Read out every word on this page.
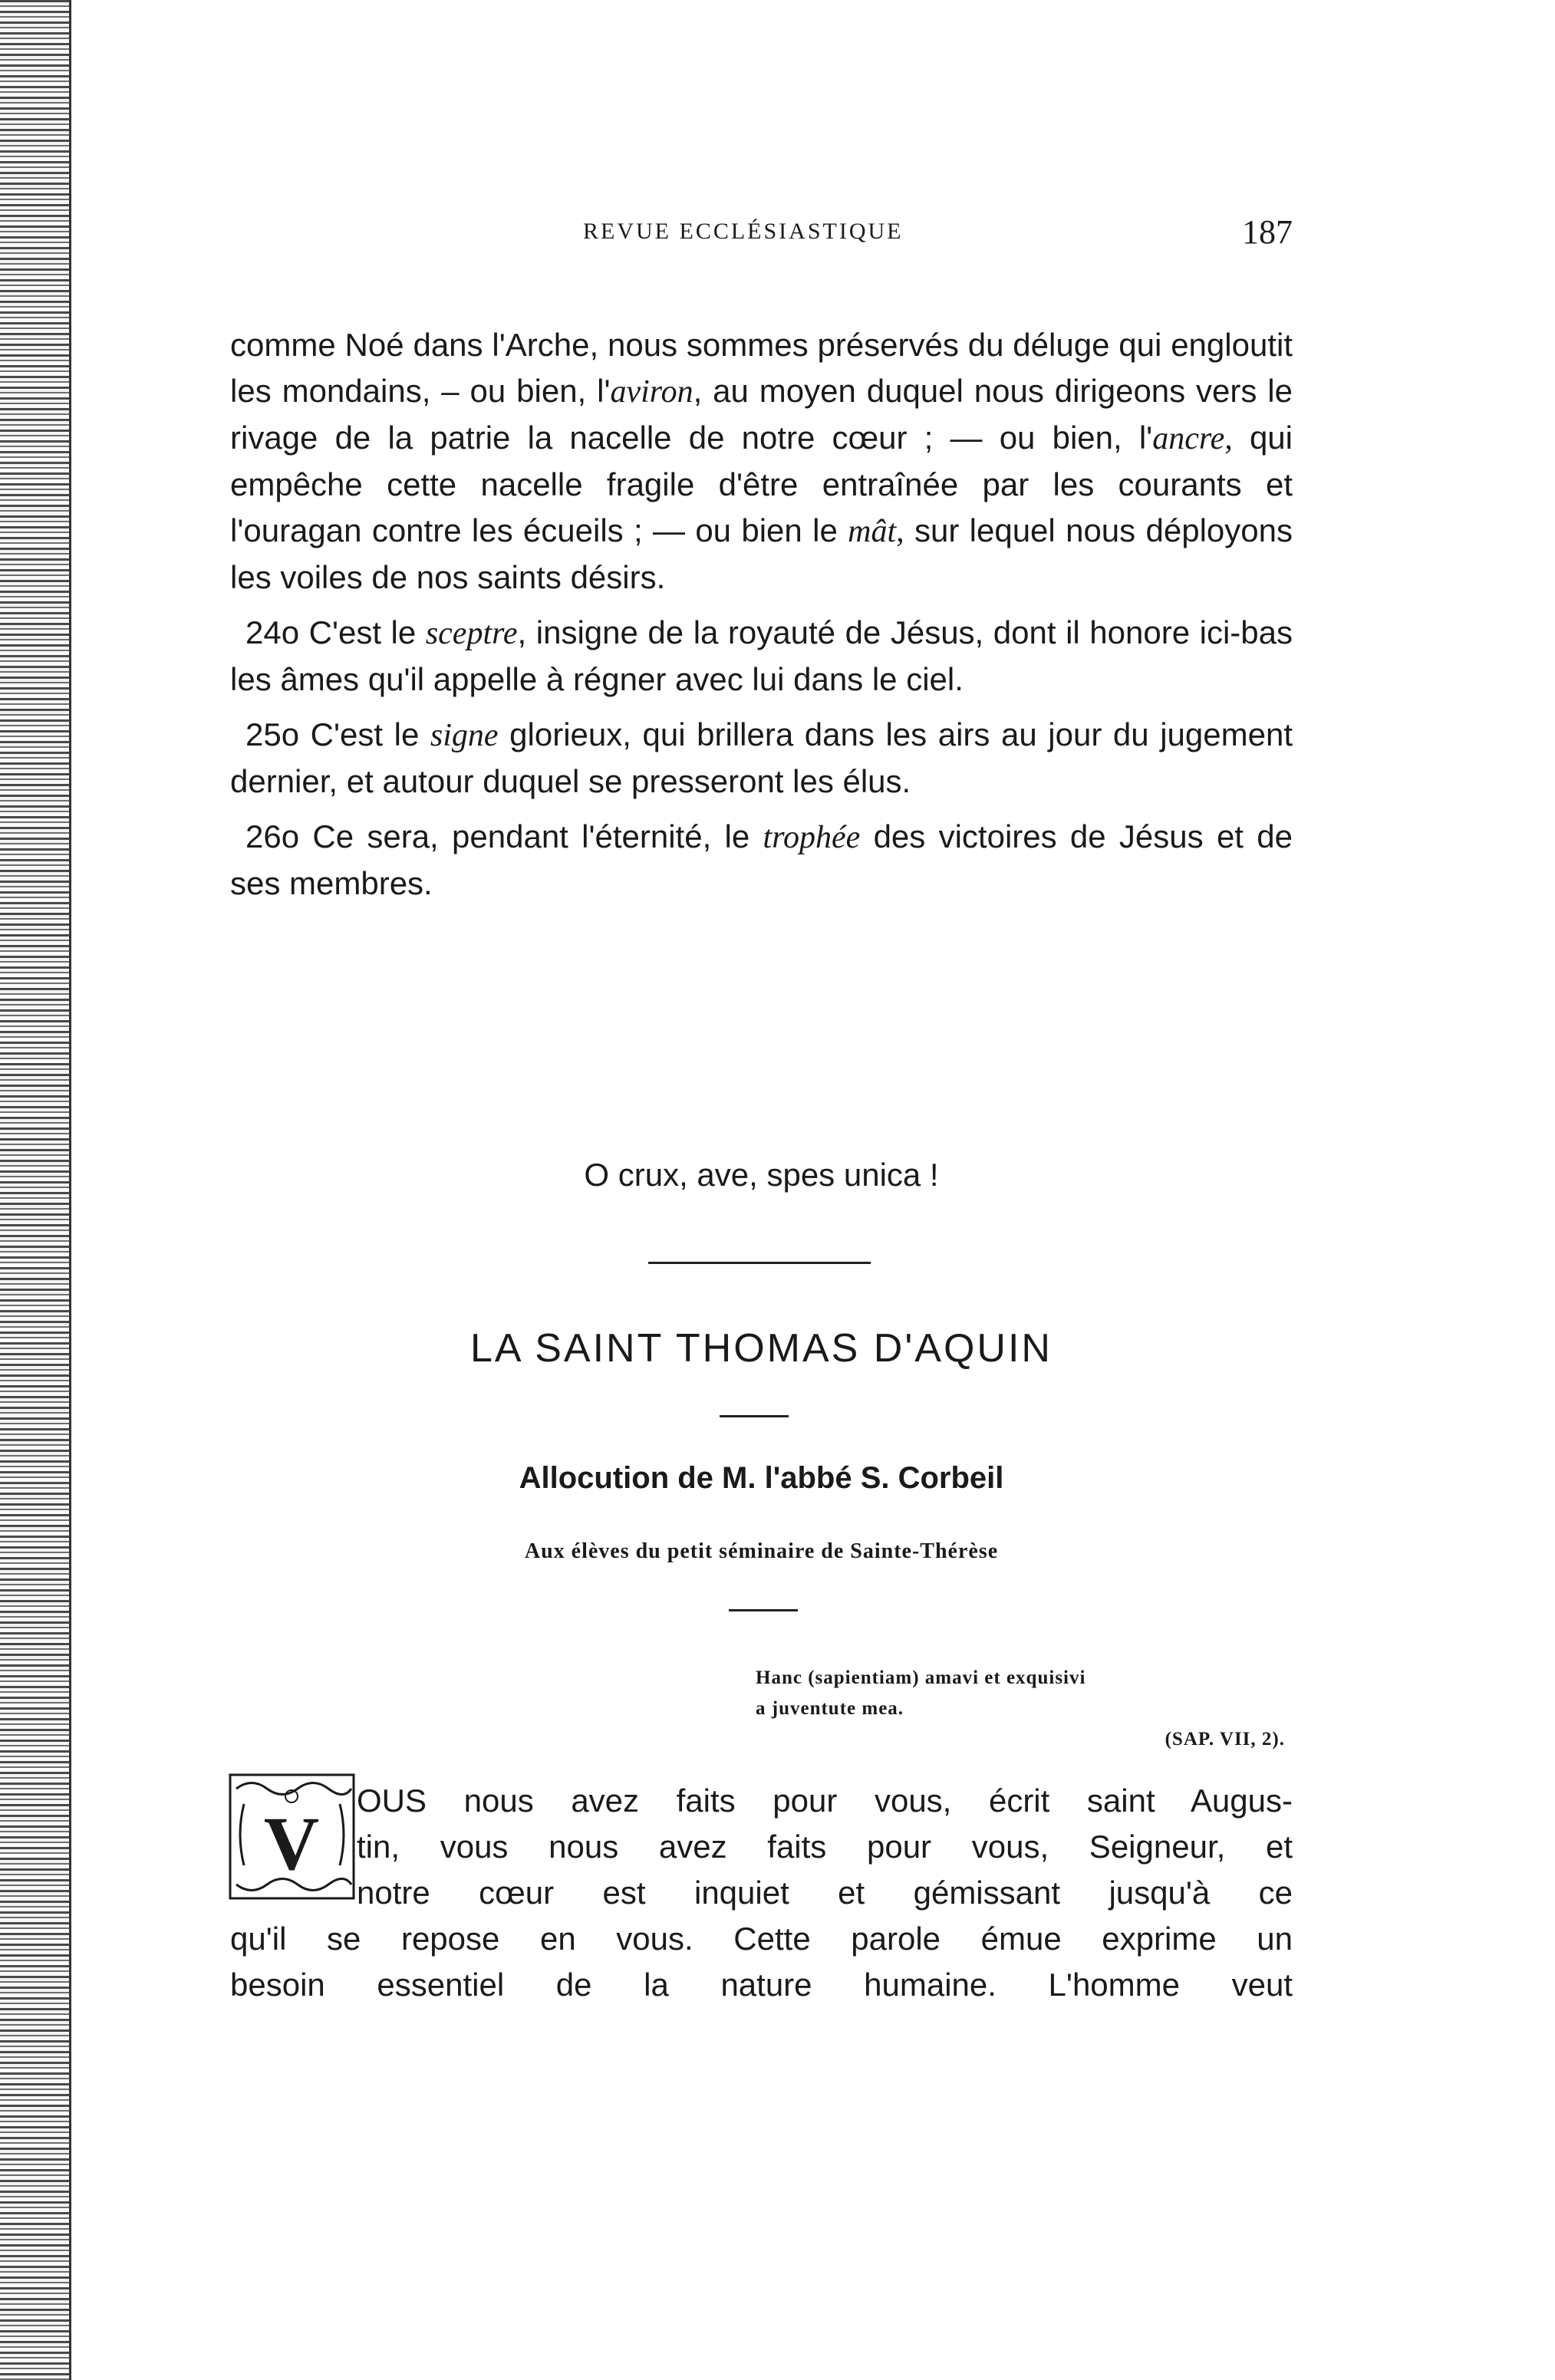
REVUE ECCLÉSIASTIQUE	187

comme Noé dans l'Arche, nous sommes préservés du déluge qui engloutit les mondains, – ou bien, l'aviron, au moyen duquel nous dirigeons vers le rivage de la patrie la nacelle de notre cœur ; — ou bien, l'ancre, qui empêche cette nacelle fragile d'être entraînée par les courants et l'ouragan contre les écueils ; — ou bien le mât, sur lequel nous déployons les voiles de nos saints désirs.

24o C'est le sceptre, insigne de la royauté de Jésus, dont il honore ici-bas les âmes qu'il appelle à régner avec lui dans le ciel.

25o C'est le signe glorieux, qui brillera dans les airs au jour du jugement dernier, et autour duquel se presseront les élus.

26o Ce sera, pendant l'éternité, le trophée des victoires de Jésus et de ses membres.

O crux, ave, spes unica !
LA SAINT THOMAS D'AQUIN
Allocution de M. l'abbé S. Corbeil
Aux élèves du petit séminaire de Sainte-Thérèse
Hanc (sapientiam) amavi et exquisivi
a juventute mea.
(SAP. VII, 2).
V
OUS nous avez faits pour vous, écrit saint Augus-
tin, vous nous avez faits pour vous, Seigneur, et
notre cœur est inquiet et gémissant jusqu'à ce
qu'il se repose en vous. Cette parole émue exprime un
besoin essentiel de la nature humaine. L'homme veut
